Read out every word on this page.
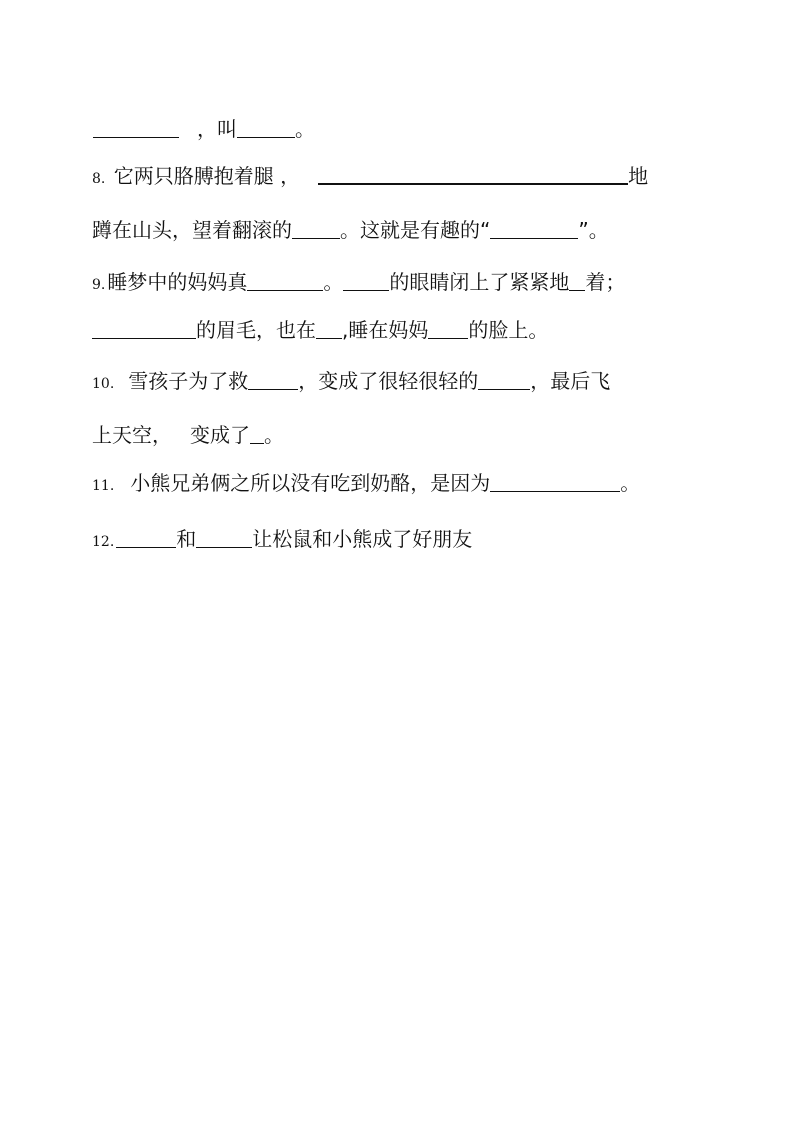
，叫	。
8. 它两只胳膊抱着腿 ，	地
蹲在山头，望着翻滚的 。这就是有趣的“	”。
9. 睡梦中的妈妈真	。 的眼睛闭上了紧紧地 着；
的眉毛，也在 ,睡在妈妈 的脸上。
10. 雪孩子为了救	，变成了很轻很轻的	，最后飞
上天空， 变成了 。
11. 小熊兄弟俩之所以没有吃到奶酪，是因为	。
12.	和	让松鼠和小熊成了好朋友
